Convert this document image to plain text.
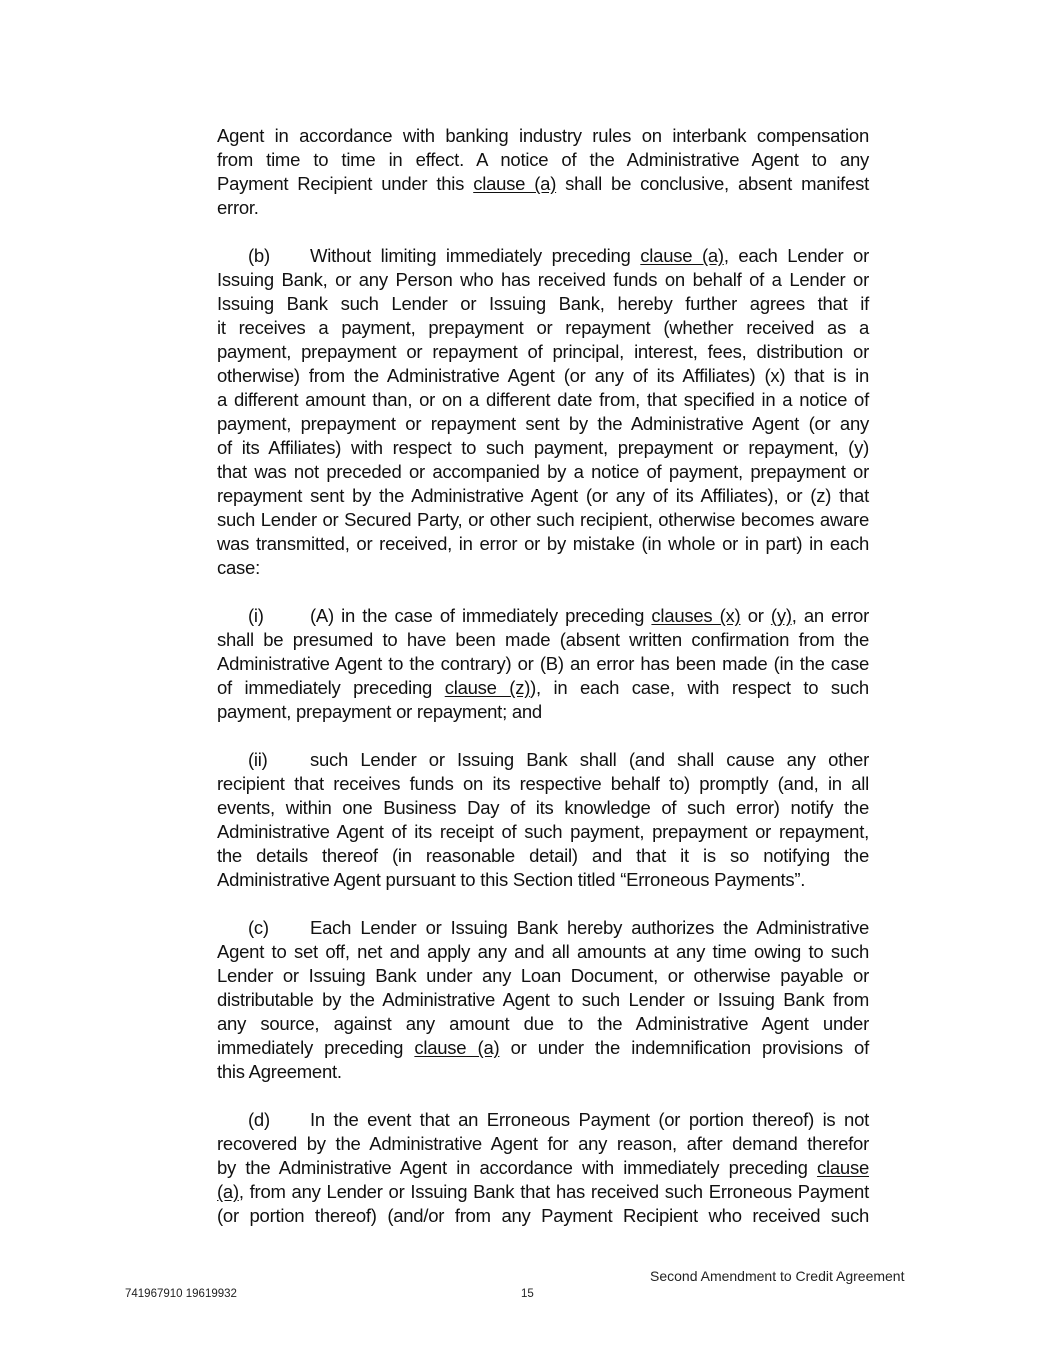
Agent in accordance with banking industry rules on interbank compensation
from time to time in effect. A notice of the Administrative Agent to any
Payment Recipient under this clause (a) shall be conclusive, absent manifest
error.
(b) Without limiting immediately preceding clause (a), each Lender or
Issuing Bank, or any Person who has received funds on behalf of a Lender or
Issuing Bank such Lender or Issuing Bank, hereby further agrees that if
it receives a payment, prepayment or repayment (whether received as a
payment, prepayment or repayment of principal, interest, fees, distribution or
otherwise) from the Administrative Agent (or any of its Affiliates) (x) that is in
a different amount than, or on a different date from, that specified in a notice of
payment, prepayment or repayment sent by the Administrative Agent (or any
of its Affiliates) with respect to such payment, prepayment or repayment, (y)
that was not preceded or accompanied by a notice of payment, prepayment or
repayment sent by the Administrative Agent (or any of its Affiliates), or (z) that
such Lender or Secured Party, or other such recipient, otherwise becomes aware
was transmitted, or received, in error or by mistake (in whole or in part) in each
case:
(i)	(A) in the case of immediately preceding clauses (x) or (y), an error
shall be presumed to have been made (absent written confirmation from the
Administrative Agent to the contrary) or (B) an error has been made (in the case
of immediately preceding clause (z)), in each case, with respect to such
payment, prepayment or repayment; and
(ii) such Lender or Issuing Bank shall (and shall cause any other
recipient that receives funds on its respective behalf to) promptly (and, in all
events, within one Business Day of its knowledge of such error) notify the
Administrative Agent of its receipt of such payment, prepayment or repayment,
the details thereof (in reasonable detail) and that it is so notifying the
Administrative Agent pursuant to this Section titled “Erroneous Payments”.
(c) Each Lender or Issuing Bank hereby authorizes the Administrative
Agent to set off, net and apply any and all amounts at any time owing to such
Lender or Issuing Bank under any Loan Document, or otherwise payable or
distributable by the Administrative Agent to such Lender or Issuing Bank from
any source, against any amount due to the Administrative Agent under
immediately preceding clause (a) or under the indemnification provisions of
this Agreement.
(d) In the event that an Erroneous Payment (or portion thereof) is not
recovered by the Administrative Agent for any reason, after demand therefor
by the Administrative Agent in accordance with immediately preceding clause
(a), from any Lender or Issuing Bank that has received such Erroneous Payment
(or portion thereof) (and/or from any Payment Recipient who received such
Second Amendment to Credit Agreement
741967910 19619932	15
